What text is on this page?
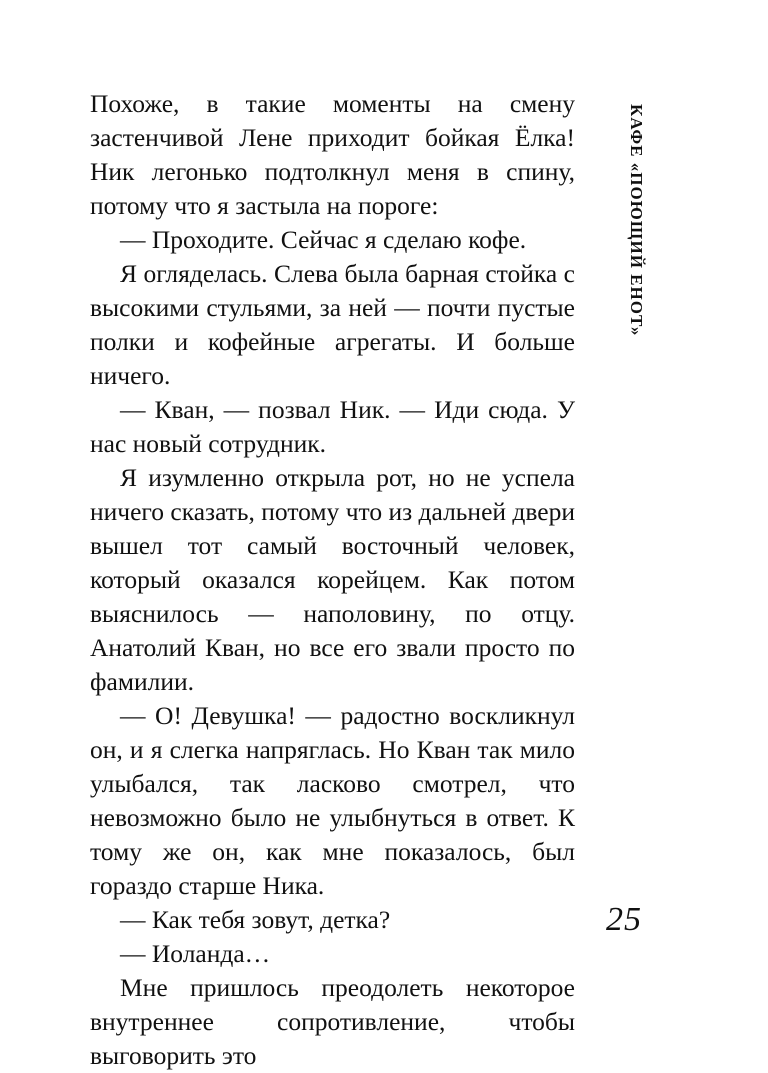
Похоже, в такие моменты на смену застенчивой Лене приходит бойкая Ёлка! Ник легонько подтолкнул меня в спину, потому что я застыла на пороге:

— Проходите. Сейчас я сделаю кофе.

Я огляделась. Слева была барная стойка с высокими стульями, за ней — почти пустые полки и кофейные агрегаты. И больше ничего.

— Кван, — позвал Ник. — Иди сюда. У нас новый сотрудник.

Я изумленно открыла рот, но не успела ничего сказать, потому что из дальней двери вышел тот самый восточный человек, который оказался корейцем. Как потом выяснилось — наполовину, по отцу. Анатолий Кван, но все его звали просто по фамилии.

— О! Девушка! — радостно воскликнул он, и я слегка напряглась. Но Кван так мило улыбался, так ласково смотрел, что невозможно было не улыбнуться в ответ. К тому же он, как мне показалось, был гораздо старше Ника.

— Как тебя зовут, детка?

— Иоланда…

Мне пришлось преодолеть некоторое внутреннее сопротивление, чтобы выговорить это

КАФЕ «ПОЮЩИЙ ЕНОТ»
25
